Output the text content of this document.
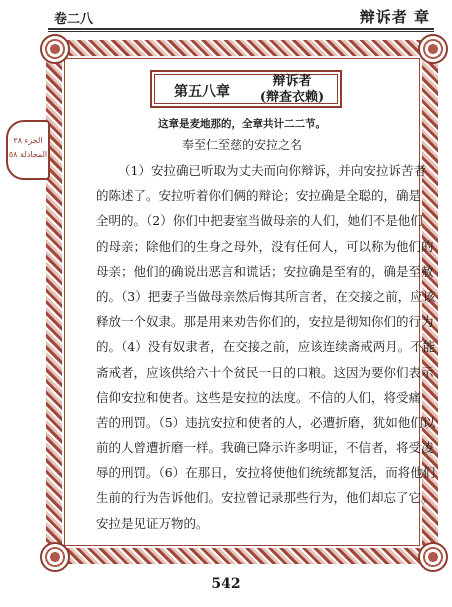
卷二八	辩诉者 章
الجزء ٢٨
المجادلة ٥٨
第五八章
辩诉者
(辩查衣赖)
这章是麦地那的，全章共计二二节。
奉至仁至慈的安拉之名
（1）安拉确已听取为丈夫而向你辩诉，并向安拉诉苦者
的陈述了。安拉听着你们俩的辩论；安拉确是全聪的，确是
全明的。（2）你们中把妻室当做母亲的人们，她们不是他们
的母亲；除他们的生身之母外，没有任何人，可以称为他们的
母亲；他们的确说出恶言和谎话；安拉确是至宥的，确是至赦
的。（3）把妻子当做母亲然后悔其所言者，在交接之前，应该
释放一个奴隶。那是用来劝告你们的，安拉是彻知你们的行为
的。（4）没有奴隶者，在交接之前，应该连续斋戒两月。不能
斋戒者，应该供给六十个贫民一日的口粮。这因为要你们表示
信仰安拉和使者。这些是安拉的法度。不信的人们，将受痛
苦的刑罚。（5）违抗安拉和使者的人，必遭折磨，犹如他们以
前的人曾遭折磨一样。我确已降示许多明证，不信者，将受凌
辱的刑罚。（6）在那日，安拉将使他们统统都复活，而将他们
生前的行为告诉他们。安拉曾记录那些行为，他们却忘了它。
安拉是见证万物的。
542
